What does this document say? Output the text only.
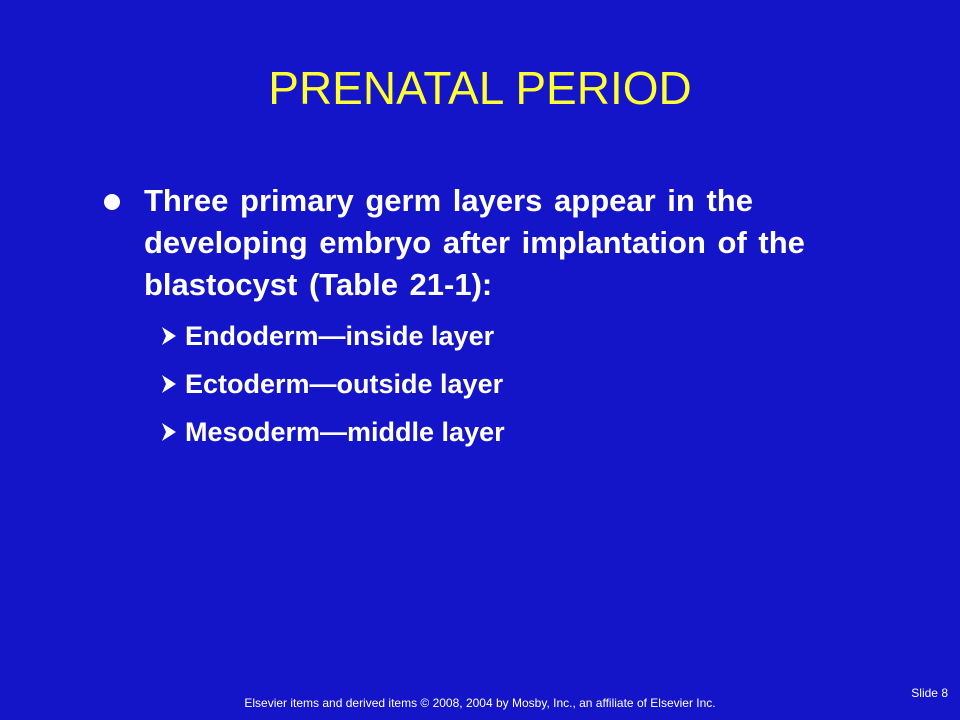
PRENATAL PERIOD
Three primary germ layers appear in the developing embryo after implantation of the blastocyst (Table 21-1):
Endoderm—inside layer
Ectoderm—outside layer
Mesoderm—middle layer
Elsevier items and derived items © 2008, 2004 by Mosby, Inc., an affiliate of Elsevier Inc.
Slide 8
